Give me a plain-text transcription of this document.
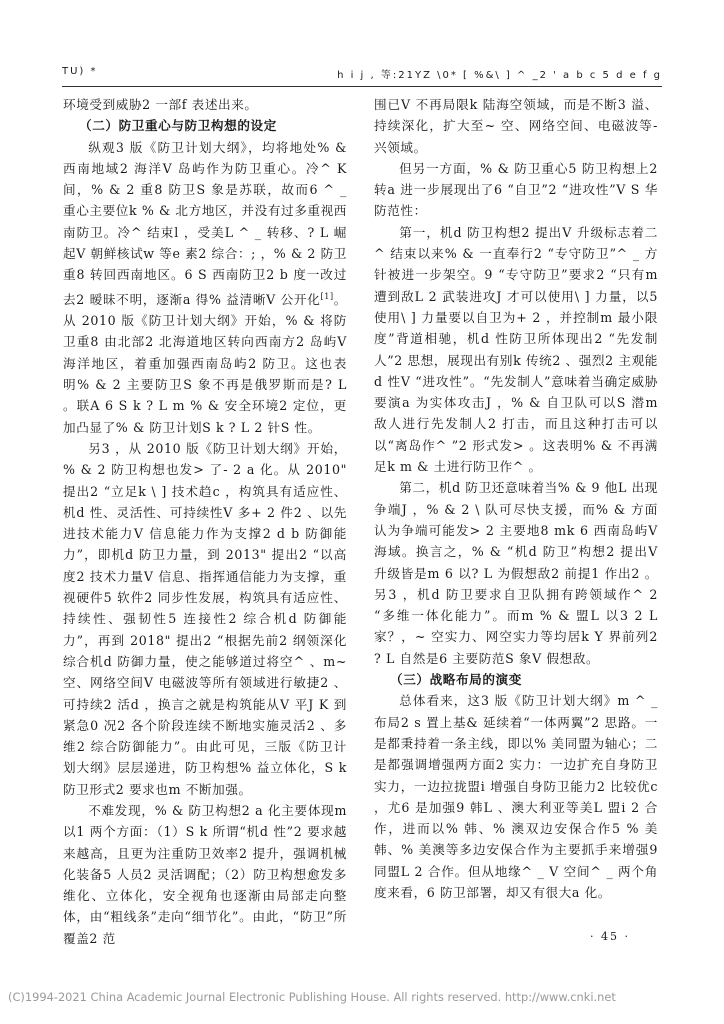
TU) *	h i j , 等:21YZ \0* [ %&\ ] ^ _2 ' a b c 5 d e f g

环境受到威胁2 一部f 表述出来。

（二）防卫重心与防卫构想的设定

纵观3 版《防卫计划大纲》，均将地处% & 西南地域2 海洋V 岛屿作为防卫重心。冷^ K 间，% & 2 重8 防卫S 象是苏联，故而6 ^ _ 重心主要位k % & 北方地区，并没有过多重视西南防卫。冷^ 结束l ，受美L ^ _ 转移、? L 崛起V 朝鲜核试w 等e 素2 综合：; ，% & 2 防卫重8 转回西南地区。6 S 西南防卫2 b 度一改过去2 暧昧不明，逐渐a 得% 益清晰V 公开化[1]。从 2010 版《防卫计划大纲》开始，% & 将防卫重8 由北部2 北海道地区转向西南方2 岛屿V 海洋地区，着重加强西南岛屿2 防卫。这也表明% & 2 主要防卫S 象不再是俄罗斯而是? L 。联A 6 S k ? L m % & 安全环境2 定位，更加凸显了% & 防卫计划S k ? L 2 针S 性。

另3 ，从 2010 版《防卫计划大纲》开始，% & 2 防卫构想也发> 了- 2 a 化。从 2010" 提出2 “立足k \ ] 技术趋c ，构筑具有适应性、机d 性、灵活性、可持续性V 多+ 2 件2 、以先进技术能力V 信息能力作为支撑2 d b 防御能力”，即机d 防卫力量，到 2013" 提出2 “以高度2 技术力量V 信息、指挥通信能力为支撑，重视硬件5 软件2 同步性发展，构筑具有适应性、持续性、强韧性5 连接性2 综合机d 防御能力”，再到 2018" 提出2 “根据先前2 纲领深化综合机d 防御力量，使之能够道过将空^ 、m~ 空、网络空间V 电磁波等所有领域进行敏捷2 、可持续2 活d ，换言之就是构筑能从V 平J K 到紧急0 况2 各个阶段连续不断地实施灵活2 、多维2 综合防御能力”。由此可见，三版《防卫计划大纲》层层递进，防卫构想% 益立体化，S k 防卫形式2 要求也m 不断加强。

不难发现，% & 防卫构想2 a 化主要体现m 以1 两个方面：（1）S k 所谓“机d 性”2 要求越来越高，且更为注重防卫效率2 提升，强调机械化装备5 人员2 灵活调配；（2）防卫构想愈发多维化、立体化，安全视角也逐渐由局部走向整体，由“粗线条”走向“细节化”。由此，“防卫”所覆盖2 范

围已V 不再局限k 陆海空领域，而是不断3 溢、持续深化，扩大至~ 空、网络空间、电磁波等- 兴领域。

但另一方面，% & 防卫重心5 防卫构想上2 转a 进一步展现出了6 “自卫”2 “进攻性”V S 华防范性：

第一，机d 防卫构想2 提出V 升级标志着二^ 结束以来% & 一直奉行2 “专守防卫”^ _ 方针被进一步架空。9 “专守防卫”要求2 “只有m 遭到敌L 2 武装进攻J 才可以使用\ ] 力量，以5 使用\ ] 力量要以自卫为+ 2 ，并控制m 最小限度”背道相驰，机d 性防卫所体现出2 “先发制人”2 思想，展现出有别k 传统2 、强烈2 主观能d 性V “进攻性”。“先发制人”意味着当确定威胁要演a 为实体攻击J ，% & 自卫队可以S 潜m 敌人进行先发制人2 打击，而且这种打击可以以“离岛作^ ”2 形式发> 。这表明% & 不再满足k m & 土进行防卫作^ 。

第二，机d 防卫还意味着当% & 9 他L 出现争端J ，% & 2 \ 队可尽快支援，而% & 方面认为争端可能发> 2 主要地8 mk 6 西南岛屿V 海域。换言之，% & “机d 防卫”构想2 提出V 升级皆是m 6 以? L 为假想敌2 前提1 作出2 。另3 ，机d 防卫要求自卫队拥有跨领域作^ 2 “多维一体化能力”。而m % & 盟L 以3 2 L 家？，~ 空实力、网空实力等均居k Y 界前列2 ? L 自然是6 主要防范S 象V 假想敌。

（三）战略布局的演变

总体看来，这3 版《防卫计划大纲》m ^ _ 布局2 s 置上基& 延续着“一体两翼”2 思路。一是都秉持着一条主线，即以% 美同盟为轴心；二是都强调增强两方面2 实力：一边扩充自身防卫实力，一边拉拢盟i 增强自身防卫能力2 比较优c ，尤6 是加强9 韩L 、澳大利亚等美L 盟i 2 合作，进而以% 韩、% 澳双边安保合作5 % 美韩、% 美澳等多边安保合作为主要抓手来增强9 同盟L 2 合作。但从地缘^ _ V 空间^ _ 两个角度来看，6 防卫部署，却又有很大a 化。

· 45 ·
(C)1994-2021 China Academic Journal Electronic Publishing House. All rights reserved. http://www.cnki.net
